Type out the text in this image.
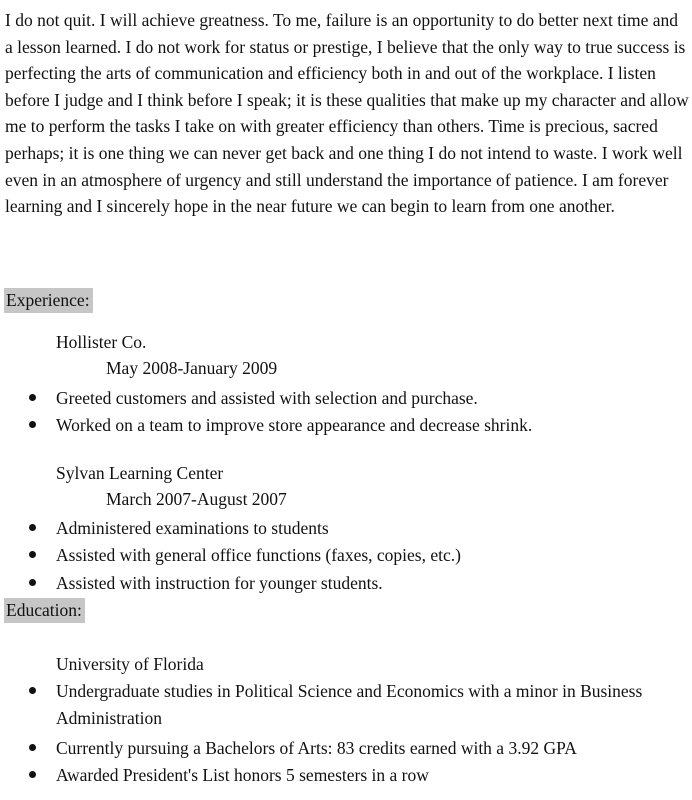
I do not quit. I will achieve greatness. To me, failure is an opportunity to do better next time and a lesson learned. I do not work for status or prestige, I believe that the only way to true success is perfecting the arts of communication and efficiency both in and out of the workplace. I listen before I judge and I think before I speak; it is these qualities that make up my character and allow me to perform the tasks I take on with greater efficiency than others. Time is precious, sacred perhaps; it is one thing we can never get back and one thing I do not intend to waste. I work well even in an atmosphere of urgency and still understand the importance of patience. I am forever learning and I sincerely hope in the near future we can begin to learn from one another.

Experience:
Hollister Co.
May 2008-January 2009
Greeted customers and assisted with selection and purchase.
Worked on a team to improve store appearance and decrease shrink.
Sylvan Learning Center
March 2007-August 2007
Administered examinations to students
Assisted with general office functions (faxes, copies, etc.)
Assisted with instruction for younger students.
Education:
University of Florida
Undergraduate studies in Political Science and Economics with a minor in Business Administration
Currently pursuing a Bachelors of Arts: 83 credits earned with a 3.92 GPA
Awarded President's List honors 5 semesters in a row
